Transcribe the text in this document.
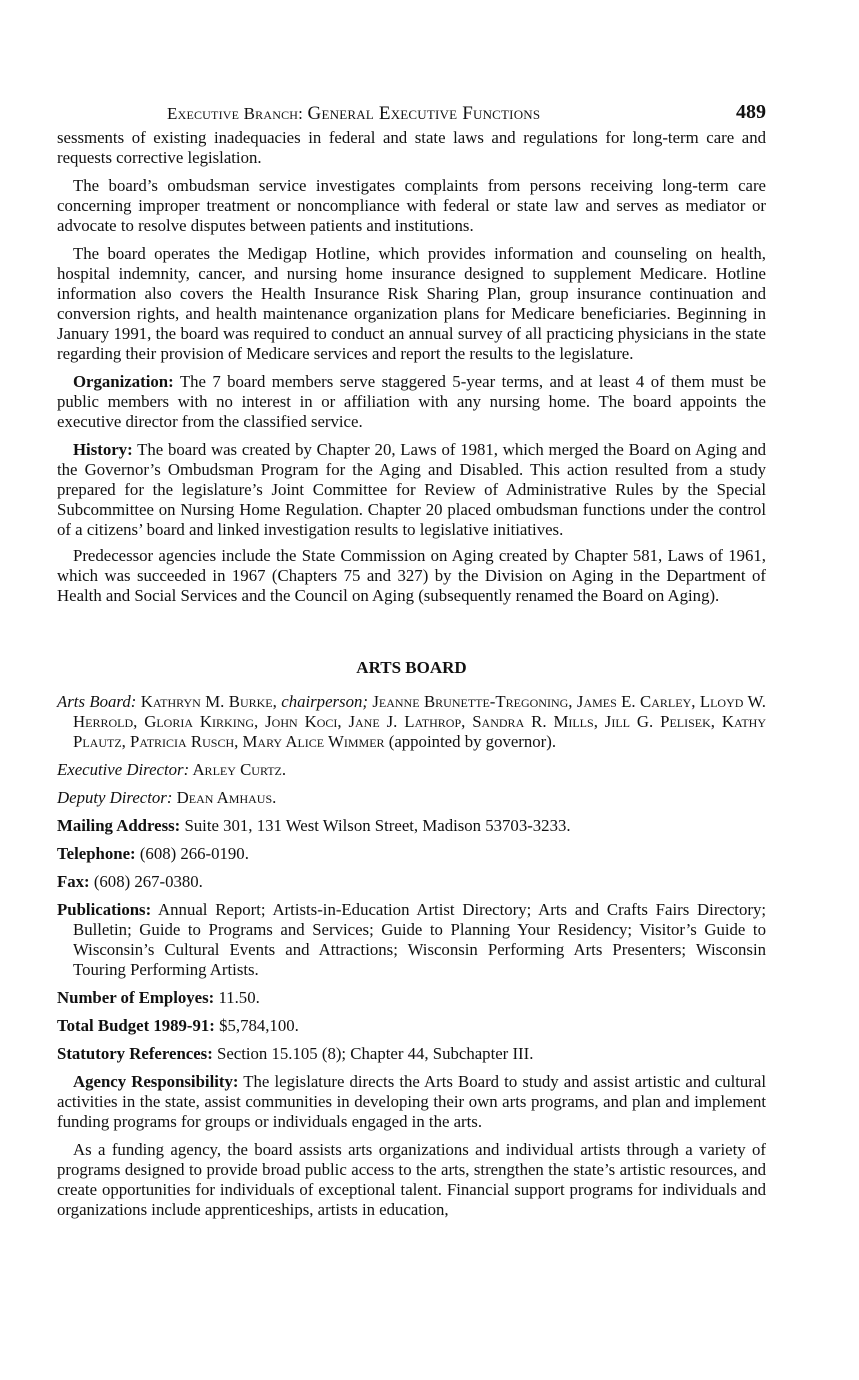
Executive Branch: General Executive Functions	489

sessments of existing inadequacies in federal and state laws and regulations for long-term care and requests corrective legislation.

The board’s ombudsman service investigates complaints from persons receiving long-term care concerning improper treatment or noncompliance with federal or state law and serves as mediator or advocate to resolve disputes between patients and institutions.

The board operates the Medigap Hotline, which provides information and counseling on health, hospital indemnity, cancer, and nursing home insurance designed to supplement Medicare. Hotline information also covers the Health Insurance Risk Sharing Plan, group insurance continuation and conversion rights, and health maintenance organization plans for Medicare beneficiaries. Beginning in January 1991, the board was required to conduct an annual survey of all practicing physicians in the state regarding their provision of Medicare services and report the results to the legislature.

Organization: The 7 board members serve staggered 5-year terms, and at least 4 of them must be public members with no interest in or affiliation with any nursing home. The board appoints the executive director from the classified service.

History: The board was created by Chapter 20, Laws of 1981, which merged the Board on Aging and the Governor’s Ombudsman Program for the Aging and Disabled. This action resulted from a study prepared for the legislature’s Joint Committee for Review of Administrative Rules by the Special Subcommittee on Nursing Home Regulation. Chapter 20 placed ombudsman functions under the control of a citizens’ board and linked investigation results to legislative initiatives.

Predecessor agencies include the State Commission on Aging created by Chapter 581, Laws of 1961, which was succeeded in 1967 (Chapters 75 and 327) by the Division on Aging in the Department of Health and Social Services and the Council on Aging (subsequently renamed the Board on Aging).

ARTS BOARD

Arts Board: Kathryn M. Burke, chairperson; Jeanne Brunette-Tregoning, James E. Carley, Lloyd W. Herrold, Gloria Kirking, John Koci, Jane J. Lathrop, Sandra R. Mills, Jill G. Pelisek, Kathy Plautz, Patricia Rusch, Mary Alice Wimmer (appointed by governor).

Executive Director: Arley Curtz.

Deputy Director: Dean Amhaus.

Mailing Address: Suite 301, 131 West Wilson Street, Madison 53703-3233.

Telephone: (608) 266-0190.

Fax: (608) 267-0380.

Publications: Annual Report; Artists-in-Education Artist Directory; Arts and Crafts Fairs Directory; Bulletin; Guide to Programs and Services; Guide to Planning Your Residency; Visitor’s Guide to Wisconsin’s Cultural Events and Attractions; Wisconsin Performing Arts Presenters; Wisconsin Touring Performing Artists.

Number of Employes: 11.50.

Total Budget 1989-91: $5,784,100.

Statutory References: Section 15.105 (8); Chapter 44, Subchapter III.

Agency Responsibility: The legislature directs the Arts Board to study and assist artistic and cultural activities in the state, assist communities in developing their own arts programs, and plan and implement funding programs for groups or individuals engaged in the arts.

As a funding agency, the board assists arts organizations and individual artists through a variety of programs designed to provide broad public access to the arts, strengthen the state’s artistic resources, and create opportunities for individuals of exceptional talent. Financial support programs for individuals and organizations include apprenticeships, artists in education,
